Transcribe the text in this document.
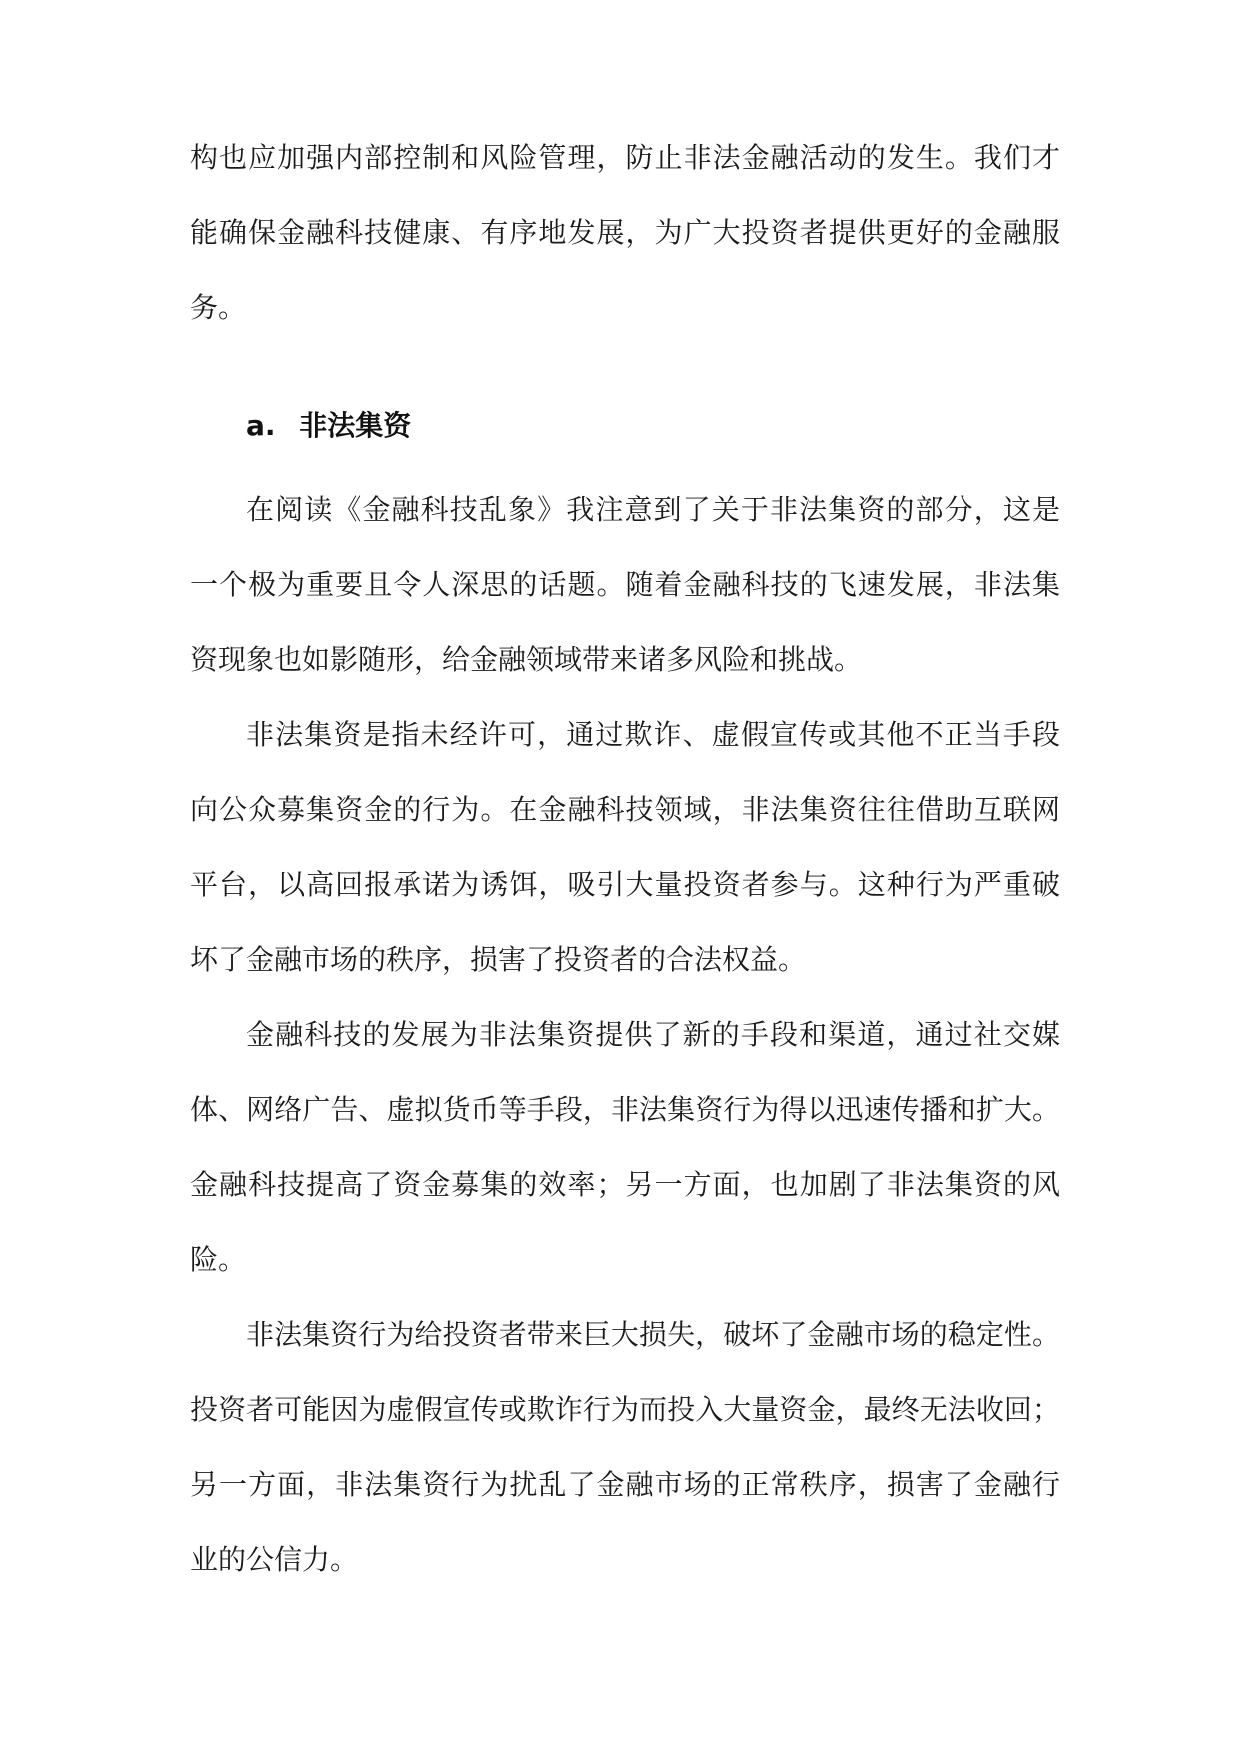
构也应加强内部控制和风险管理，防止非法金融活动的发生。我们才
能确保金融科技健康、有序地发展，为广大投资者提供更好的金融服
务。
a. 非法集资
在阅读《金融科技乱象》我注意到了关于非法集资的部分，这是
一个极为重要且令人深思的话题。随着金融科技的飞速发展，非法集
资现象也如影随形，给金融领域带来诸多风险和挑战。
非法集资是指未经许可，通过欺诈、虚假宣传或其他不正当手段
向公众募集资金的行为。在金融科技领域，非法集资往往借助互联网
平台，以高回报承诺为诱饵，吸引大量投资者参与。这种行为严重破
坏了金融市场的秩序，损害了投资者的合法权益。
金融科技的发展为非法集资提供了新的手段和渠道，通过社交媒
体、网络广告、虚拟货币等手段，非法集资行为得以迅速传播和扩大。
金融科技提高了资金募集的效率；另一方面，也加剧了非法集资的风
险。
非法集资行为给投资者带来巨大损失，破坏了金融市场的稳定性。
投资者可能因为虚假宣传或欺诈行为而投入大量资金，最终无法收回；
另一方面，非法集资行为扰乱了金融市场的正常秩序，损害了金融行
业的公信力。
